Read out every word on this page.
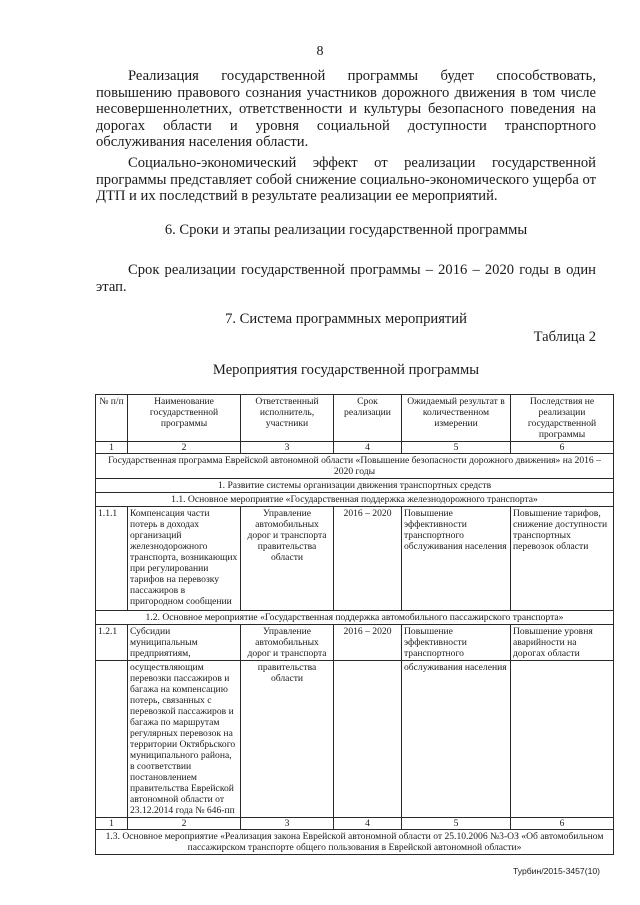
8
Реализация государственной программы будет способствовать, повышению правового сознания участников дорожного движения в том числе несовершеннолетних, ответственности и культуры безопасного поведения на дорогах области и уровня социальной доступности транспортного обслуживания населения области.
Социально-экономический эффект от реализации государственной программы представляет собой снижение социально-экономического ущерба от ДТП и их последствий в результате реализации ее мероприятий.
6. Сроки и этапы реализации государственной программы
Срок реализации государственной программы – 2016 – 2020 годы в один этап.
7. Система программных мероприятий
Таблица 2
Мероприятия государственной программы
№ п/п	Наименование государственной программы	Ответственный исполнитель, участники	Срок реализации	Ожидаемый результат в количественном измерении	Последствия не реализации государственной программы
1	2	3	4	5	6
Государственная программа Еврейской автономной области «Повышение безопасности дорожного движения» на 2016 – 2020 годы					
1. Развитие системы организации движения транспортных средств					
1.1. Основное мероприятие «Государственная поддержка железнодорожного транспорта»					
1.1.1	Компенсация части потерь в доходах организаций железнодорожного транспорта, возникающих при регулировании тарифов на перевозку пассажиров в пригородном сообщении	Управление автомобильных дорог и транспорта правительства области	2016 – 2020	Повышение эффективности транспортного обслуживания населения	Повышение тарифов, снижение доступности транспортных перевозок области
1.2. Основное мероприятие «Государственная поддержка автомобильного пассажирского транспорта»					
1.2.1	Субсидии муниципальным предприятиям,	Управление автомобильных дорог и транспорта	2016 – 2020	Повышение эффективности транспортного	Повышение уровня аварийности на дорогах области
	осуществляющим перевозки пассажиров и багажа на компенсацию потерь, связанных с перевозкой пассажиров и багажа по маршрутам регулярных перевозок на территории Октябрьского муниципального района, в соответствии постановлением правительства Еврейской автономной области от 23.12.2014 года № 646-пп	правительства области		обслуживания населения	
1	2	3	4	5	6
1.3. Основное мероприятие «Реализация закона Еврейской автономной области от 25.10.2006 №3-ОЗ «Об автомобильном пассажирском транспорте общего пользования в Еврейской автономной области»					
Турбин/2015-3457(10)
